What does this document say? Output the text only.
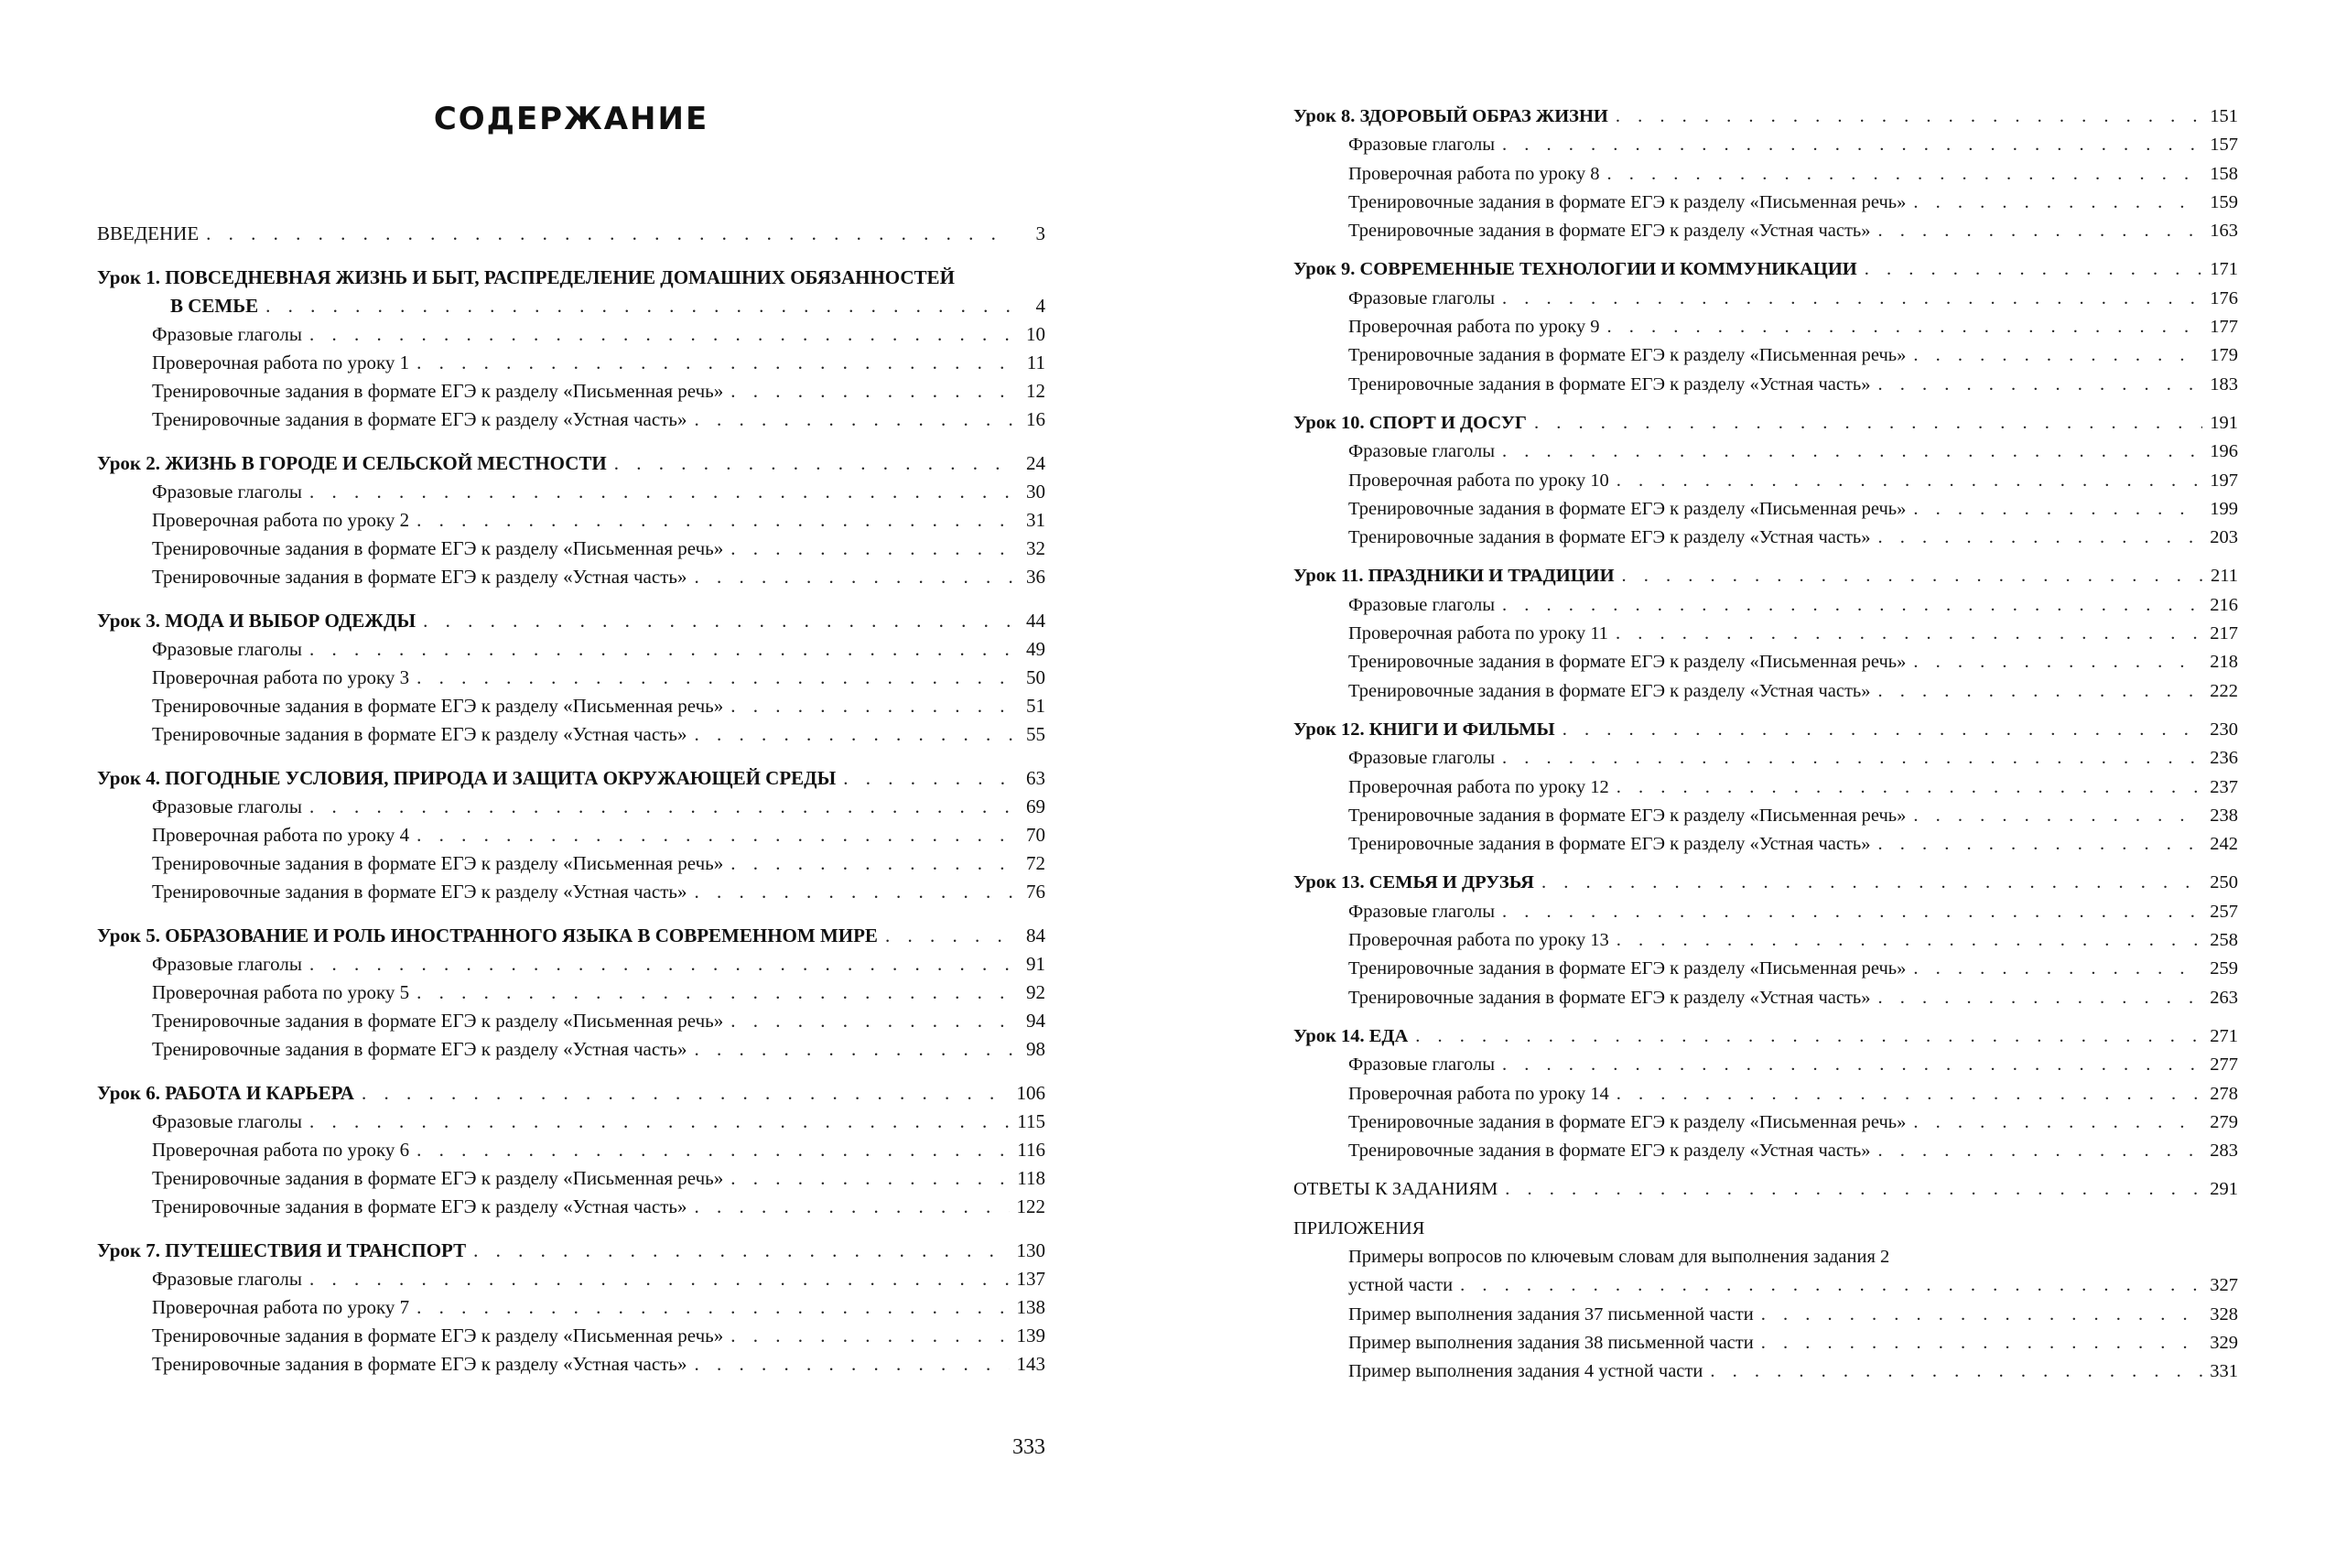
СОДЕРЖАНИЕ
ВВЕДЕНИЕ . . .	3
Урок 1. ПОВСЕДНЕВНАЯ ЖИЗНЬ И БЫТ, РАСПРЕДЕЛЕНИЕ ДОМАШНИХ ОБЯЗАННОСТЕЙ
В СЕМЬЕ . . .	4
Фразовые глаголы . . .	10
Проверочная работа по уроку 1 . . .	11
Тренировочные задания в формате ЕГЭ к разделу «Письменная речь» . . .	12
Тренировочные задания в формате ЕГЭ к разделу «Устная часть» . . .	16
Урок 2. ЖИЗНЬ В ГОРОДЕ И СЕЛЬСКОЙ МЕСТНОСТИ . . .	24
Фразовые глаголы . . .	30
Проверочная работа по уроку 2 . . .	31
Тренировочные задания в формате ЕГЭ к разделу «Письменная речь» . . .	32
Тренировочные задания в формате ЕГЭ к разделу «Устная часть» . . .	36
Урок 3. МОДА И ВЫБОР ОДЕЖДЫ . . .	44
Фразовые глаголы . . .	49
Проверочная работа по уроку 3 . . .	50
Тренировочные задания в формате ЕГЭ к разделу «Письменная речь» . . .	51
Тренировочные задания в формате ЕГЭ к разделу «Устная часть» . . .	55
Урок 4. ПОГОДНЫЕ УСЛОВИЯ, ПРИРОДА И ЗАЩИТА ОКРУЖАЮЩЕЙ СРЕДЫ . . .	63
Фразовые глаголы . . .	69
Проверочная работа по уроку 4 . . .	70
Тренировочные задания в формате ЕГЭ к разделу «Письменная речь» . . .	72
Тренировочные задания в формате ЕГЭ к разделу «Устная часть» . . .	76
Урок 5. ОБРАЗОВАНИЕ И РОЛЬ ИНОСТРАННОГО ЯЗЫКА В СОВРЕМЕННОМ МИРЕ . . .	84
Фразовые глаголы . . .	91
Проверочная работа по уроку 5 . . .	92
Тренировочные задания в формате ЕГЭ к разделу «Письменная речь» . . .	94
Тренировочные задания в формате ЕГЭ к разделу «Устная часть» . . .	98
Урок 6. РАБОТА И КАРЬЕРА . . .	106
Фразовые глаголы . . .	115
Проверочная работа по уроку 6 . . .	116
Тренировочные задания в формате ЕГЭ к разделу «Письменная речь» . . .	118
Тренировочные задания в формате ЕГЭ к разделу «Устная часть» . . .	122
Урок 7. ПУТЕШЕСТВИЯ И ТРАНСПОРТ . . .	130
Фразовые глаголы . . .	137
Проверочная работа по уроку 7 . . .	138
Тренировочные задания в формате ЕГЭ к разделу «Письменная речь» . . .	139
Тренировочные задания в формате ЕГЭ к разделу «Устная часть» . . .	143
333
Урок 8. ЗДОРОВЫЙ ОБРАЗ ЖИЗНИ . . .	151
Фразовые глаголы . . .	157
Проверочная работа по уроку 8 . . .	158
Тренировочные задания в формате ЕГЭ к разделу «Письменная речь» . . .	159
Тренировочные задания в формате ЕГЭ к разделу «Устная часть» . . .	163
Урок 9. СОВРЕМЕННЫЕ ТЕХНОЛОГИИ И КОММУНИКАЦИИ . . .	171
Фразовые глаголы . . .	176
Проверочная работа по уроку 9 . . .	177
Тренировочные задания в формате ЕГЭ к разделу «Письменная речь» . . .	179
Тренировочные задания в формате ЕГЭ к разделу «Устная часть» . . .	183
Урок 10. СПОРТ И ДОСУГ . . .	191
Фразовые глаголы . . .	196
Проверочная работа по уроку 10 . . .	197
Тренировочные задания в формате ЕГЭ к разделу «Письменная речь» . . .	199
Тренировочные задания в формате ЕГЭ к разделу «Устная часть» . . .	203
Урок 11. ПРАЗДНИКИ И ТРАДИЦИИ . . .	211
Фразовые глаголы . . .	216
Проверочная работа по уроку 11 . . .	217
Тренировочные задания в формате ЕГЭ к разделу «Письменная речь» . . .	218
Тренировочные задания в формате ЕГЭ к разделу «Устная часть» . . .	222
Урок 12. КНИГИ И ФИЛЬМЫ . . .	230
Фразовые глаголы . . .	236
Проверочная работа по уроку 12 . . .	237
Тренировочные задания в формате ЕГЭ к разделу «Письменная речь» . . .	238
Тренировочные задания в формате ЕГЭ к разделу «Устная часть» . . .	242
Урок 13. СЕМЬЯ И ДРУЗЬЯ . . .	250
Фразовые глаголы . . .	257
Проверочная работа по уроку 13 . . .	258
Тренировочные задания в формате ЕГЭ к разделу «Письменная речь» . . .	259
Тренировочные задания в формате ЕГЭ к разделу «Устная часть» . . .	263
Урок 14. ЕДА . . .	271
Фразовые глаголы . . .	277
Проверочная работа по уроку 14 . . .	278
Тренировочные задания в формате ЕГЭ к разделу «Письменная речь» . . .	279
Тренировочные задания в формате ЕГЭ к разделу «Устная часть» . . .	283
ОТВЕТЫ К ЗАДАНИЯМ . . .	291
ПРИЛОЖЕНИЯ
Примеры вопросов по ключевым словам для выполнения задания 2
устной части . . .	327
Пример выполнения задания 37 письменной части . . .	328
Пример выполнения задания 38 письменной части . . .	329
Пример выполнения задания 4 устной части . . .	331
